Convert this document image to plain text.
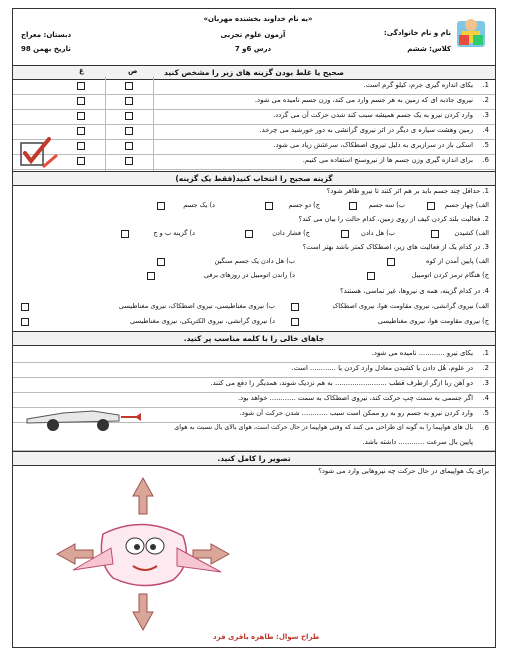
«به نام خداوند بخشنده مهربان»
نام و نام خانوادگی:
کلاس: ششم
آزمون علوم تجربی
درس 6و 7
دبستان: معراج
تاریخ بهمن 98
صحیح یا غلط بودن گزینه های زیر را مشخص کنید
ص
غ
1.
یکای اندازه گیری جرم، کیلو گرم است.
2.
نیروی جاذبه ای که زمین به هر جسم وارد می کند، وزن جسم نامیده می شود.
3.
وارد کردن نیرو به یک جسم همیشه سبب کند شدن حرکت آن می گردد.
4.
زمین وهشت سیاره ی دیگر در اثر نیروی گرانشی به دور خورشید می چرخد.
5.
اسکی باز در سرازیری به دلیل نیروی اصطکاک، سرعتش زیاد می شود.
6.
برای اندازه گیری وزن جسم ها از نیروسنج استفاده می کنیم.
گزینه صحیح را انتخاب کنید(فقط یک گزینه)
1. حداقل چند جسم باید بر هم اثر کنند تا نیرو ظاهر شود؟
الف) چهار جسم
ب) سه جسم
ج) دو جسم
د) یک جسم
2. فعالیت بلند کردن کیف از روی زمین، کدام حالت را بیان می کند؟
الف) کشیدن
ب) هل دادن
ج) فشار دادن
د) گزینه ب و ج
3. در کدام یک از فعالیت های زیر، اصطکاک کمتر باشد بهتر است؟
الف) پایین آمدن از کوه
ب) هل دادن یک جسم سنگین
ج) هنگام ترمز کردن اتومبیل
د) راندن اتومبیل در روزهای برفی
4. در کدام گزینه، همه ی نیروها، غیر تماسی، هستند؟
الف) نیروی گرانشی، نیروی مقاومت هوا، نیروی اصطکاک
ب) نیروی مغناطیسی، نیروی اصطکاک، نیروی مغناطیسی
ج) نیروی مقاومت هوا، نیروی مغناطیسی
د) نیروی گرانشی، نیروی الکتریکی، نیروی مغناطیسی
جاهای خالی را با کلمه مناسب پر کنید.
1.
یکای نیرو ............ نامیده می شود.
2.
در علوم، هُل دادن یا کشیدن معادل وارد کردن یا ............ است.
3.
دو آهن ربا ازگر ازطرف قطب ........................ به هم نزدیک شوند، همدیگر را دفع می کنند.
4.
اگر جسمی به سمت چپ حرکت کند، نیروی اصطکاک به سمت ............ خواهد بود.
5.
وارد کردن نیرو به جسم رو به رو ممکن است سبب ............ شدن حرکت آن شود.
6.
بال های هواپیما را به گونه ای طراحی می کنند که وقتی هواپیما در حال حرکت است، هوای بالای بال نسبت به هوای
پایین بال سرعت ............ داشته باشد.
تصویر را کامل کنید.
برای یک هواپیمای در حال حرکت چه نیروهایی وارد می شود؟
طراح سوال: طاهره باقری فرد
